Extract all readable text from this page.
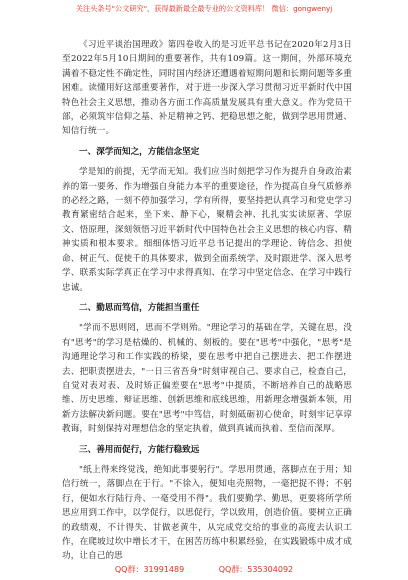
关注头条号"公文研究"，获得最新最全最专业的公文资料库！ 微信：gongwenyj

《习近平谈治国理政》第四卷收入的是习近平总书记在2020年2月3日至2022年5月10日期间的重要著作，共有109篇。这一期间，外部环境充满着不稳定性不确定性，同时国内经济还遭遇着短期问题和长期问题等多重困难。读懂用好这部重要著作，对于进一步深入学习贯彻习近平新时代中国特色社会主义思想，推动各方面工作高质量发展具有重大意义。作为党员干部，必须筑牢信仰之基、补足精神之钙、把稳思想之舵，做到学思用贯通、知信行统一。

一、深学而知之，方能信念坚定

学是知的前提，无学而无知。我们应当时刻把学习作为提升自身政治素养的第一要务、作为增强自身能力本平的重要途径，作为提高自身气质修养的必经之路，一刻不停加强学习，学有所得，要坚持把认真学习和党史学习教育紧密结合起来，坐下来、静下心，聚精会神、扎扎实实读原著、学原文、悟原理，深刻领悟习近平新时代中国特色社会主义思想的核心内容、精神实质和根本要求。细细体悟习近平总书记提出的学理论、铸信念、担使命、树正气、促使千的具体要求，做到全面系统学、及时跟进学、深入思考学、联系实际学真正在学习中求得真知、在学习中坚定信念、在学习中践行忠诚。

二、勤思而笃信，方能担当重任

"学而不思则罔，思而不学则殆。"理论学习的基础在学，关键在思，没有"思考"的学习是枯燥的、机械的、刻板的。要在"思考"中强化，"思考"是沟通理论学习和工作实践的桥梁，要在思考中把自己摆进去、把工作摆进去、把职责摆进去，"一日三省吾身"时刻审视自己、要求自己，检查自己，自觉对表对表、及时矫正偏差要在"思考"中提质，不断培养自己的战略思维、历史思维、辩证思维、创新思维和底线思维，用新理念增强新本领，用新方法解决新问题。要在"思考"中笃信，时刻砥砺初心使命，时刻牢记享谆教诲，时刻保持对理想信念的坚定执着，做到真诚而执着、至信而深厚。

三、善用而促行，方能行稳致远

"纸上得来终觉浅，绝知此事要躬行"。学思用贯通，落脚点在于用；知信行统一，落脚点在于行。"不徐入，便知电壳照物，一毫把捉不得；不躬行，便如水行陆行舟、一毫受用不得"。我们要勤学、勤思，更要将所学所思应用到工作中，以学促行，以思促行，学以致用，创造价值。要树立正确的政绩观，不计得失、甘做老黄牛，从完成党交给的事业的高度去认识工作，在爬坡过坎中增长才干，在困苦历练中积累经验，在实践锻炼中成才成功，让自己的思

QQ群：31991489	QQ群：535304092
